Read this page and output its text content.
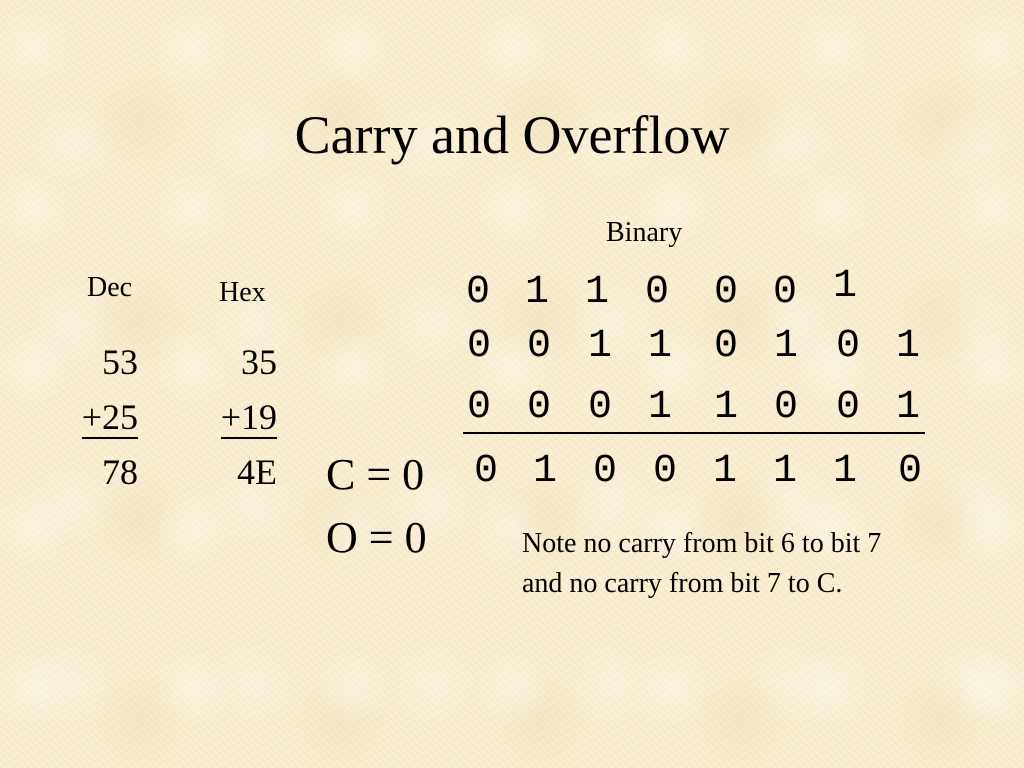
Carry and Overflow
Binary
Dec	Hex
53
+25
78
35
+19
4E C = 0
O = 0
0 1 1 0 0 0 1
0 0 1 1 0 1 0 1
0 0 0 1 1 0 0 1
0 1 0 0 1 1 1 0
Note no carry from bit 6 to bit 7
and no carry from bit 7 to C.
